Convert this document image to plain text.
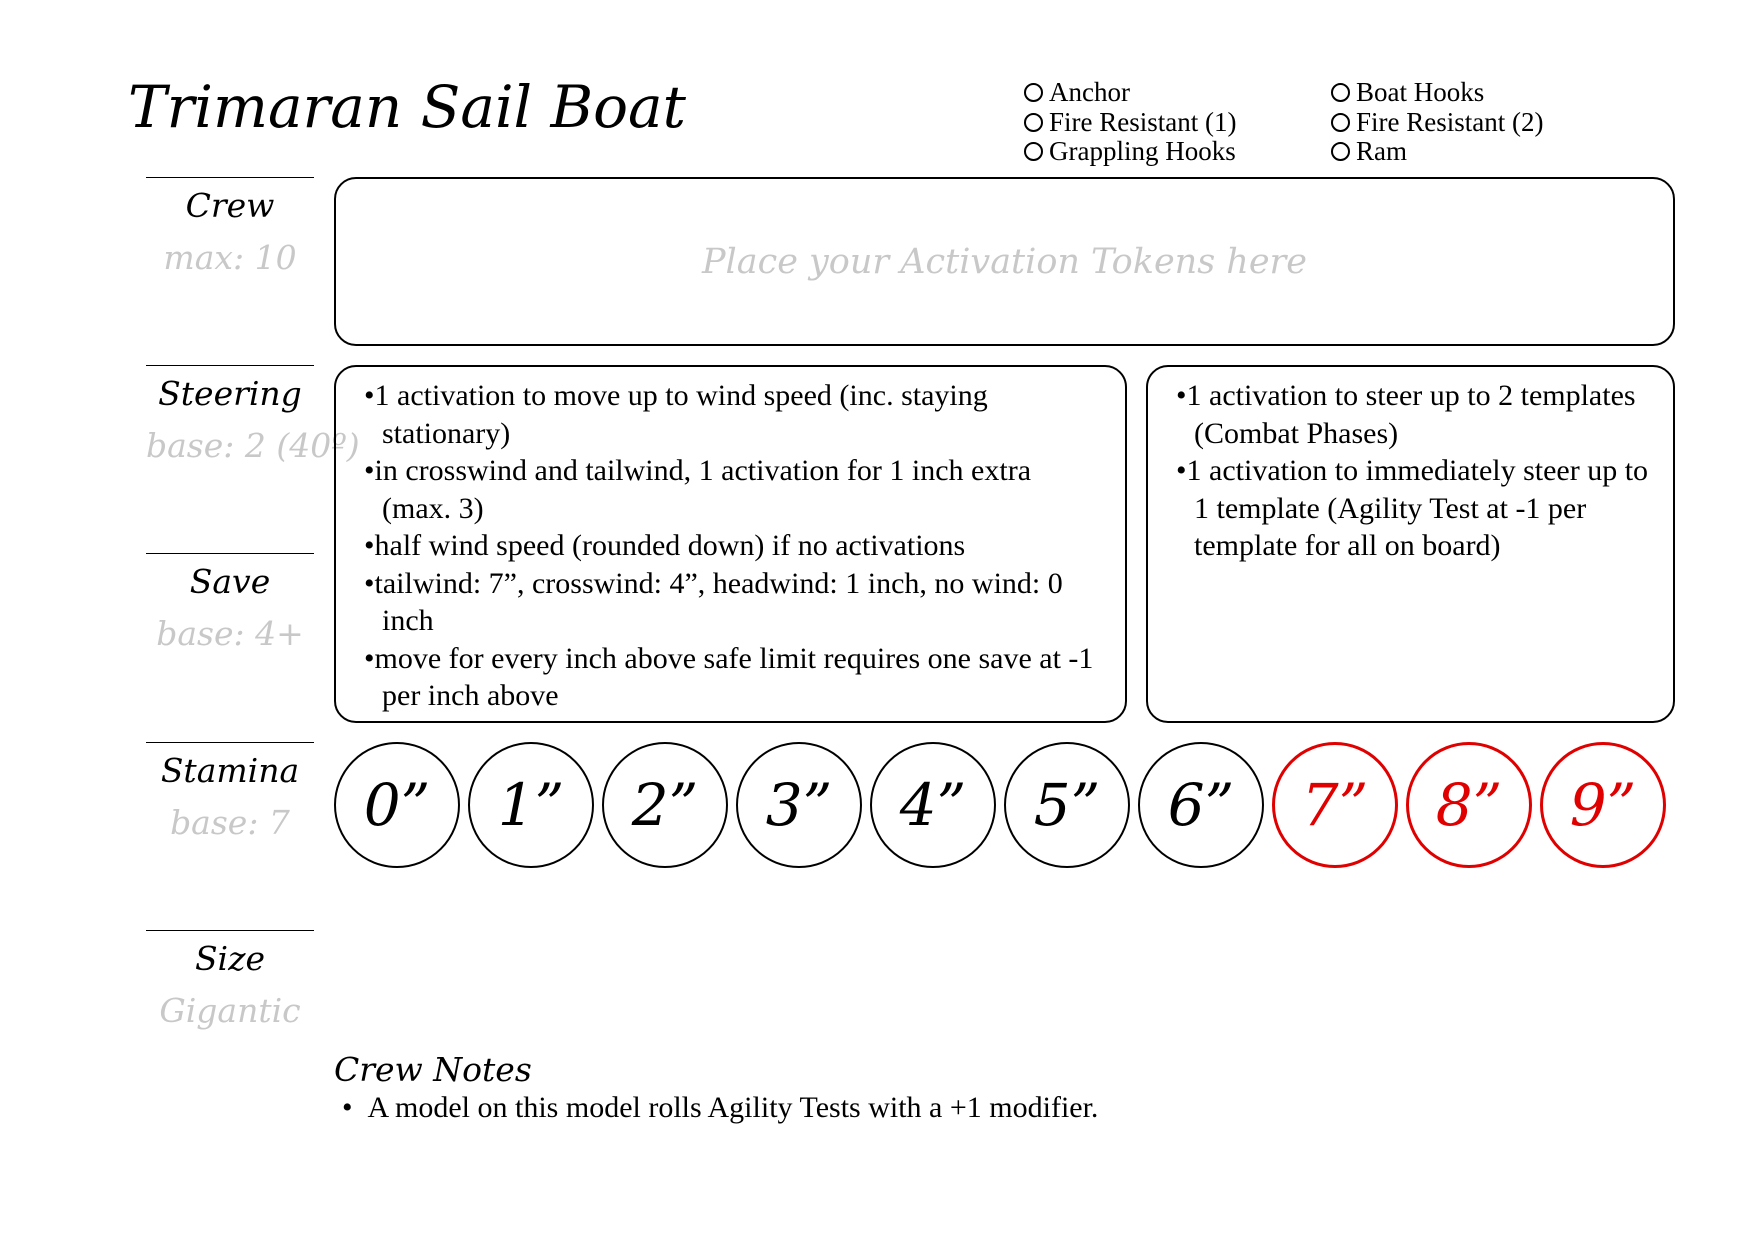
Trimaran Sail Boat	Anchor
Fire Resistant (1)
Grappling Hooks
Boat Hooks
Fire Resistant (2)
Ram
Crew
max: 10
Steering
base: 2 (40º)
Save
base: 4+
Stamina
base: 7
Size
Gigantic
Place your Activation Tokens here
• 1 activation to move up to wind speed (inc. staying stationary)
• in crosswind and tailwind, 1 activation for 1 inch extra (max. 3)
• half wind speed (rounded down) if no activations
• tailwind: 7”, crosswind: 4”, headwind: 1 inch, no wind: 0 inch
• move for every inch above safe limit requires one save at -1 per inch above
• 1 activation to steer up to 2 templates (Combat Phases)
• 1 activation to immediately steer up to 1 template (Agility Test at -1 per template for all on board)
0”	1”	2”	3”	4”	5”	6”	7”	8”	9”
Crew Notes
•  A model on this model rolls Agility Tests with a +1 modifier.
